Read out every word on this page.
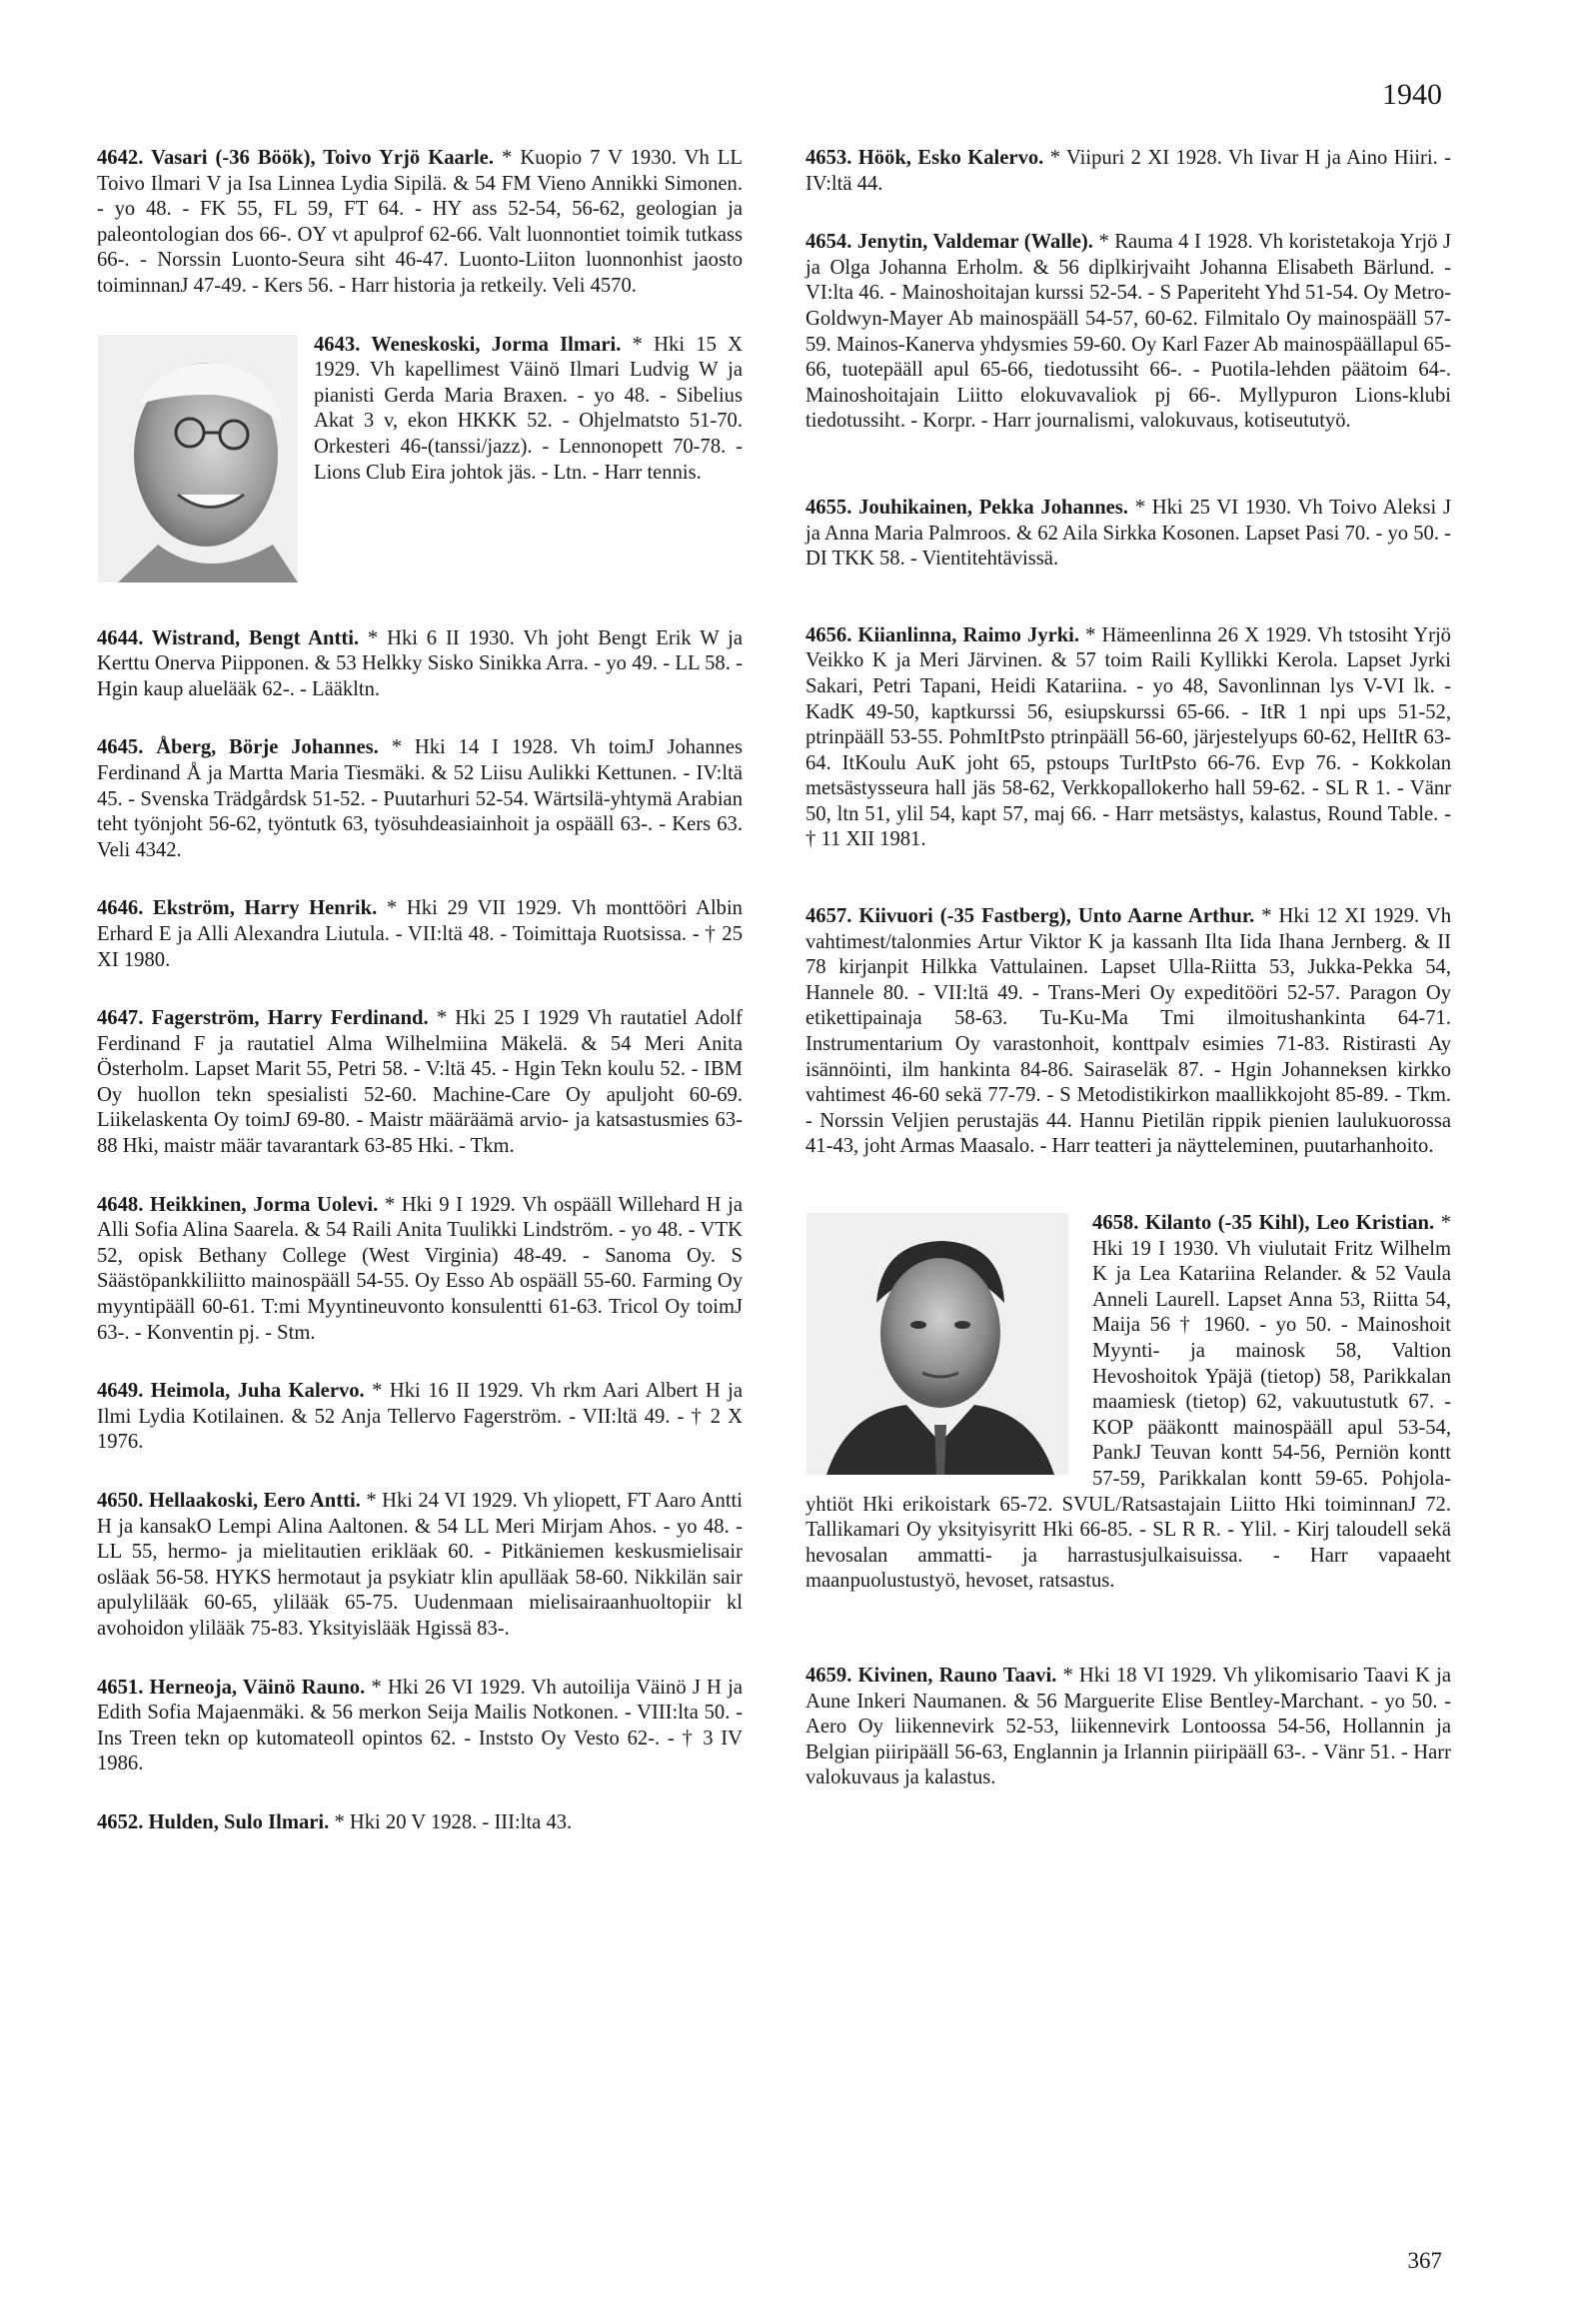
1940

4642. Vasari (-36 Böök), Toivo Yrjö Kaarle. * Kuopio 7 V 1930. Vh LL Toivo Ilmari V ja Isa Linnea Lydia Sipilä. & 54 FM Vieno Annikki Simonen. - yo 48. - FK 55, FL 59, FT 64. - HY ass 52-54, 56-62, geologian ja paleontologian dos 66-. OY vt apulprof 62-66. Valt luonnontiet toimik tutkass 66-. - Norssin Luonto-Seura siht 46-47. Luonto-Liiton luonnonhist jaosto toiminnanJ 47-49. - Kers 56. - Harr historia ja retkeily. Veli 4570.

4643. Weneskoski, Jorma Ilmari.
* Hki 15 X 1929. Vh kapellimest Väinö Ilmari Ludvig W ja pianisti Gerda Maria Braxen. - yo 48. - Sibelius Akat 3 v, ekon HKKK 52. - Ohjelmatsto 51-70. Orkesteri 46-(tanssi/jazz). - Lennonopett 70-78. - Lions Club Eira johtok jäs. - Ltn. - Harr tennis.

4644. Wistrand, Bengt Antti. * Hki 6 II 1930. Vh joht Bengt Erik W ja Kerttu Onerva Piipponen. & 53 Helkky Sisko Sinikka Arra. - yo 49. - LL 58. - Hgin kaup aluelääk 62-. - Lääkltn.

4645. Åberg, Börje Johannes. * Hki 14 I 1928. Vh toimJ Johannes Ferdinand Å ja Martta Maria Tiesmäki. & 52 Liisu Aulikki Kettunen. - IV:ltä 45. - Svenska Trädgårdsk 51-52. - Puutarhuri 52-54. Wärtsilä-yhtymä Arabian teht työnjoht 56-62, työntutk 63, työsuhdeasiainhoit ja ospääll 63-. - Kers 63. Veli 4342.

4646. Ekström, Harry Henrik. * Hki 29 VII 1929. Vh monttööri Albin Erhard E ja Alli Alexandra Liutula. - VII:ltä 48. - Toimittaja Ruotsissa. - † 25 XI 1980.

4647. Fagerström, Harry Ferdinand. * Hki 25 I 1929 Vh rautatiel Adolf Ferdinand F ja rautatiel Alma Wilhelmiina Mäkelä. & 54 Meri Anita Österholm. Lapset Marit 55, Petri 58. - V:ltä 45. - Hgin Tekn koulu 52. - IBM Oy huollon tekn spesialisti 52-60. Machine-Care Oy apuljoht 60-69. Liikelaskenta Oy toimJ 69-80. - Maistr määräämä arvio- ja katsastusmies 63-88 Hki, maistr määr tavarantark 63-85 Hki. - Tkm.

4648. Heikkinen, Jorma Uolevi. * Hki 9 I 1929. Vh ospääll Willehard H ja Alli Sofia Alina Saarela. & 54 Raili Anita Tuulikki Lindström. - yo 48. - VTK 52, opisk Bethany College (West Virginia) 48-49. - Sanoma Oy. S Säästöpankkiliitto mainospääll 54-55. Oy Esso Ab ospääll 55-60. Farming Oy myyntipääll 60-61. T:mi Myyntineuvonto konsulentti 61-63. Tricol Oy toimJ 63-. - Konventin pj. - Stm.

4649. Heimola, Juha Kalervo. * Hki 16 II 1929. Vh rkm Aari Albert H ja Ilmi Lydia Kotilainen. & 52 Anja Tellervo Fagerström. - VII:ltä 49. - † 2 X 1976.

4650. Hellaakoski, Eero Antti. * Hki 24 VI 1929. Vh yliopett, FT Aaro Antti H ja kansakO Lempi Alina Aaltonen. & 54 LL Meri Mirjam Ahos. - yo 48. - LL 55, hermo- ja mielitautien erikläak 60. - Pitkäniemen keskusmielisair osläak 56-58. HYKS hermotaut ja psykiatr klin apulläak 58-60. Nikkilän sair apulylilääk 60-65, ylilääk 65-75. Uudenmaan mielisairaanhuoltopiir kl avohoidon ylilääk 75-83. Yksityislääk Hgissä 83-.

4651. Herneoja, Väinö Rauno. * Hki 26 VI 1929. Vh autoilija Väinö J H ja Edith Sofia Majaenmäki. & 56 merkon Seija Mailis Notkonen. - VIII:lta 50. - Ins Treen tekn op kutomateoll opintos 62. - Inststo Oy Vesto 62-. - † 3 IV 1986.

4652. Hulden, Sulo Ilmari. * Hki 20 V 1928. - III:lta 43.

4653. Höök, Esko Kalervo. * Viipuri 2 XI 1928. Vh Iivar H ja Aino Hiiri. - IV:ltä 44.

4654. Jenytin, Valdemar (Walle). * Rauma 4 I 1928. Vh koristetakoja Yrjö J ja Olga Johanna Erholm. & 56 diplkirjvaiht Johanna Elisabeth Bärlund. - VI:lta 46. - Mainoshoitajan kurssi 52-54. - S Paperiteht Yhd 51-54. Oy Metro-Goldwyn-Mayer Ab mainospääll 54-57, 60-62. Filmitalo Oy mainospääll 57-59. Mainos-Kanerva yhdysmies 59-60. Oy Karl Fazer Ab mainospäällapul 65-66, tuotepääll apul 65-66, tiedotussiht 66-. - Puotila-lehden päätoim 64-. Mainoshoitajain Liitto elokuvavaliok pj 66-. Myllypuron Lions-klubi tiedotussiht. - Korpr. - Harr journalismi, valokuvaus, kotiseututyö.

4655. Jouhikainen, Pekka Johannes. * Hki 25 VI 1930. Vh Toivo Aleksi J ja Anna Maria Palmroos. & 62 Aila Sirkka Kosonen. Lapset Pasi 70. - yo 50. - DI TKK 58. - Vientitehtävissä.

4656. Kiianlinna, Raimo Jyrki. * Hämeenlinna 26 X 1929. Vh tstosiht Yrjö Veikko K ja Meri Järvinen. & 57 toim Raili Kyllikki Kerola. Lapset Jyrki Sakari, Petri Tapani, Heidi Katariina. - yo 48, Savonlinnan lys V-VI lk. - KadK 49-50, kaptkurssi 56, esiupskurssi 65-66. - ItR 1 npi ups 51-52, ptrinpääll 53-55. PohmItPsto ptrinpääll 56-60, järjestelyups 60-62, HelItR 63-64. ItKoulu AuK joht 65, pstoups TurItPsto 66-76. Evp 76. - Kokkolan metsästysseura hall jäs 58-62, Verkkopallokerho hall 59-62. - SL R 1. - Vänr 50, ltn 51, ylil 54, kapt 57, maj 66. - Harr metsästys, kalastus, Round Table. - † 11 XII 1981.

4657. Kiivuori (-35 Fastberg), Unto Aarne Arthur. * Hki 12 XI 1929. Vh vahtimest/talonmies Artur Viktor K ja kassanh Ilta Iida Ihana Jernberg. & II 78 kirjanpit Hilkka Vattulainen. Lapset Ulla-Riitta 53, Jukka-Pekka 54, Hannele 80. - VII:ltä 49. - Trans-Meri Oy expeditööri 52-57. Paragon Oy etikettipainaja 58-63. Tu-Ku-Ma Tmi ilmoitushankinta 64-71. Instrumentarium Oy varastonhoit, konttpalv esimies 71-83. Ristirasti Ay isännöinti, ilm hankinta 84-86. Sairaseläk 87. - Hgin Johanneksen kirkko vahtimest 46-60 sekä 77-79. - S Metodistikirkon maallikkojoht 85-89. - Tkm. - Norssin Veljien perustajäs 44. Hannu Pietilän rippik pienien laulukuorossa 41-43, joht Armas Maasalo. - Harr teatteri ja näytteleminen, puutarhanhoito.

4658. Kilanto (-35 Kihl), Leo Kristian.
* Hki 19 I 1930. Vh viulutait Fritz Wilhelm K ja Lea Katariina Relander. & 52 Vaula Anneli Laurell. Lapset Anna 53, Riitta 54, Maija 56 † 1960. - yo 50. - Mainoshoit Myynti- ja mainosk 58, Valtion Hevoshoitok Ypäjä (tietop) 58, Parikkalan maamiesk (tietop) 62, vakuutustutk 67. - KOP pääkontt mainospääll apul 53-54, PankJ Teuvan kontt 54-56, Perniön kontt 57-59, Parikkalan kontt 59-65. Pohjola-yhtiöt Hki erikoistark 65-72. SVUL/Ratsastajain Liitto Hki toiminnanJ 72. Tallikamari Oy yksityisyritt Hki 66-85. - SL R R. - Ylil. - Kirj taloudell sekä hevosalan ammatti- ja harrastusjulkaisuissa. - Harr vapaaeht maanpuolustustyö, hevoset, ratsastus.

4659. Kivinen, Rauno Taavi. * Hki 18 VI 1929. Vh ylikomisario Taavi K ja Aune Inkeri Naumanen. & 56 Marguerite Elise Bentley-Marchant. - yo 50. - Aero Oy liikennevirk 52-53, liikennevirk Lontoossa 54-56, Hollannin ja Belgian piiripääll 56-63, Englannin ja Irlannin piiripääll 63-. - Vänr 51. - Harr valokuvaus ja kalastus.

367
